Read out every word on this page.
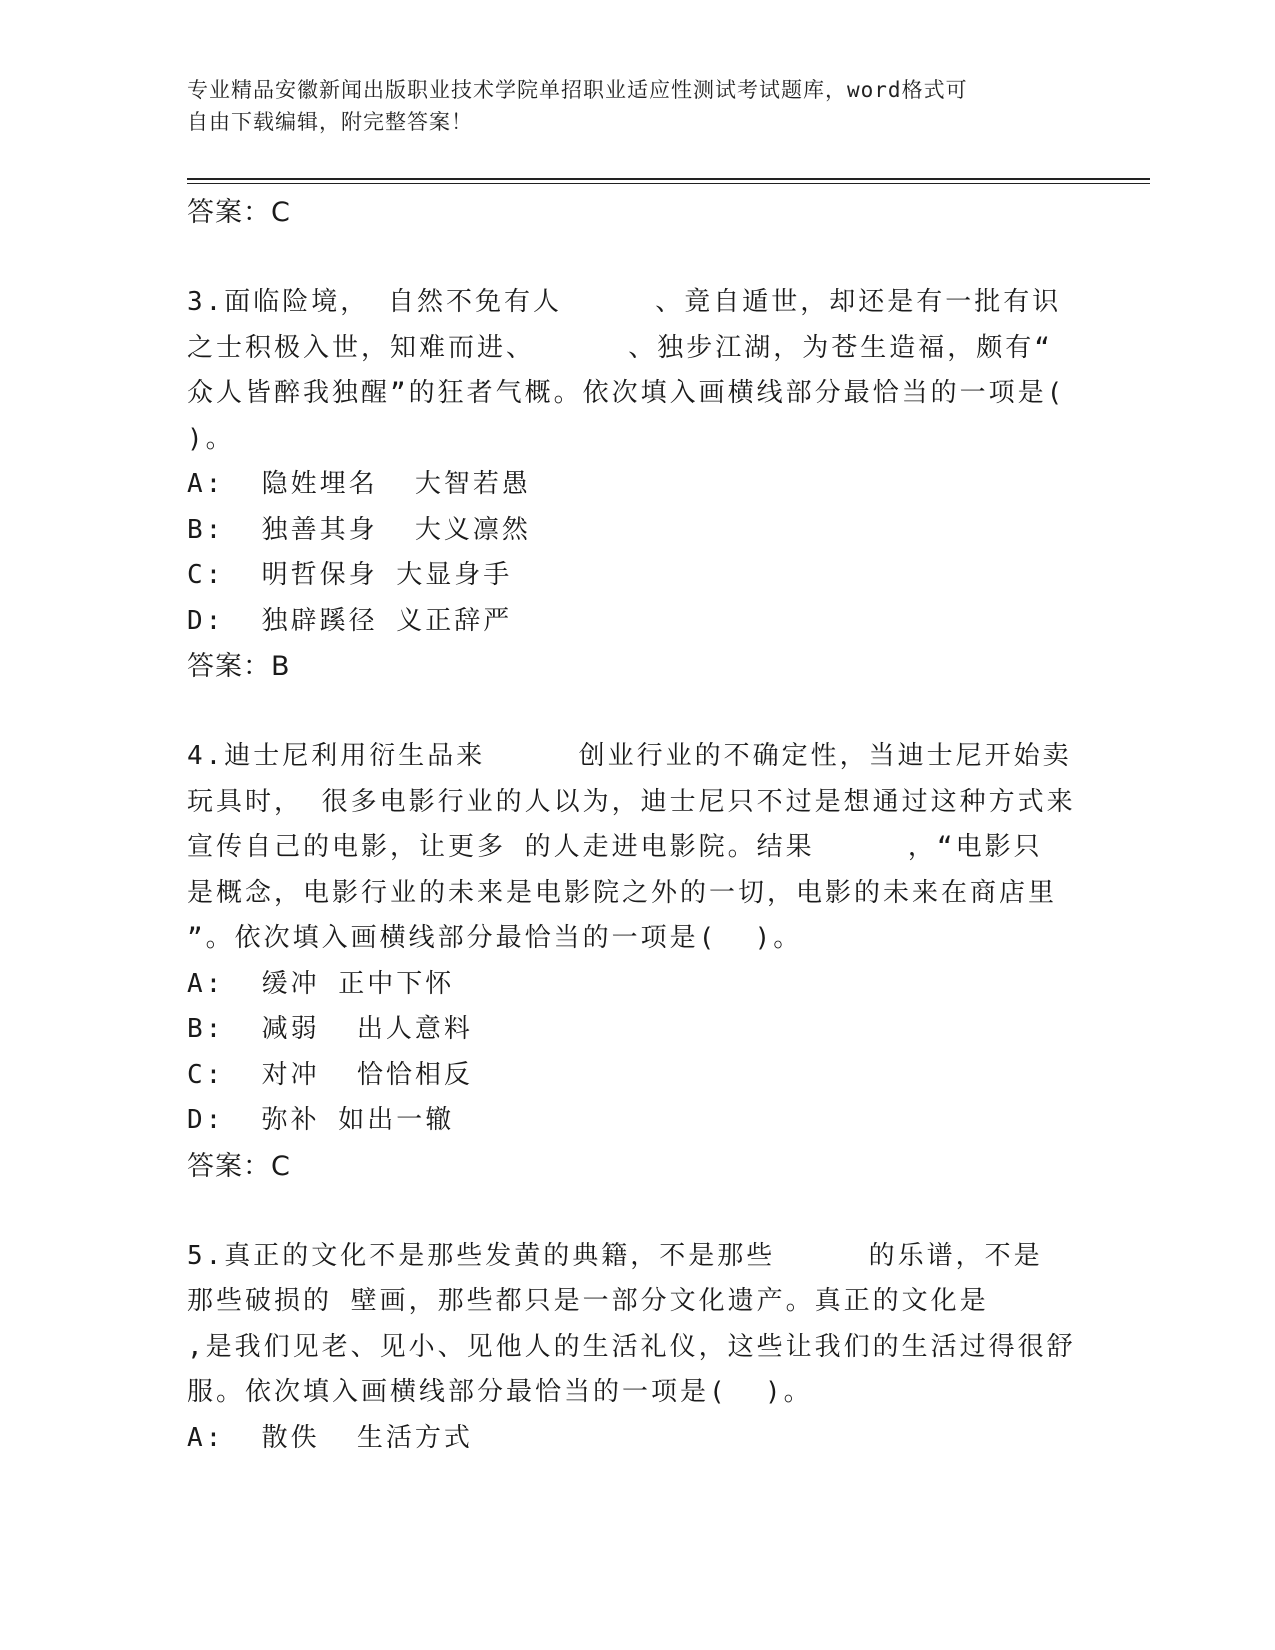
专业精品安徽新闻出版职业技术学院单招职业适应性测试考试题库，word格式可
自由下载编辑，附完整答案！
答案：C
3.面临险境， 自然不免有人     、竟自遁世，却还是有一批有识
之士积极入世，知难而进、     、独步江湖，为苍生造福，颇有“
众人皆醉我独醒”的狂者气概。依次填入画横线部分最恰当的一项是(
)。
A:  隐姓埋名  大智若愚
B:  独善其身  大义凛然
C:  明哲保身 大显身手
D:  独辟蹊径 义正辞严
答案：B
4.迪士尼利用衍生品来     创业行业的不确定性，当迪士尼开始卖
玩具时， 很多电影行业的人以为，迪士尼只不过是想通过这种方式来
宣传自己的电影，让更多 的人走进电影院。结果     ，“电影只
是概念，电影行业的未来是电影院之外的一切，电影的未来在商店里
”。依次填入画横线部分最恰当的一项是(  )。
A:  缓冲 正中下怀
B:  减弱  出人意料
C:  对冲  恰恰相反
D:  弥补 如出一辙
答案：C
5.真正的文化不是那些发黄的典籍，不是那些     的乐谱，不是
那些破损的 壁画，那些都只是一部分文化遗产。真正的文化是
,是我们见老、见小、见他人的生活礼仪，这些让我们的生活过得很舒
服。依次填入画横线部分最恰当的一项是(  )。
A:  散佚  生活方式
